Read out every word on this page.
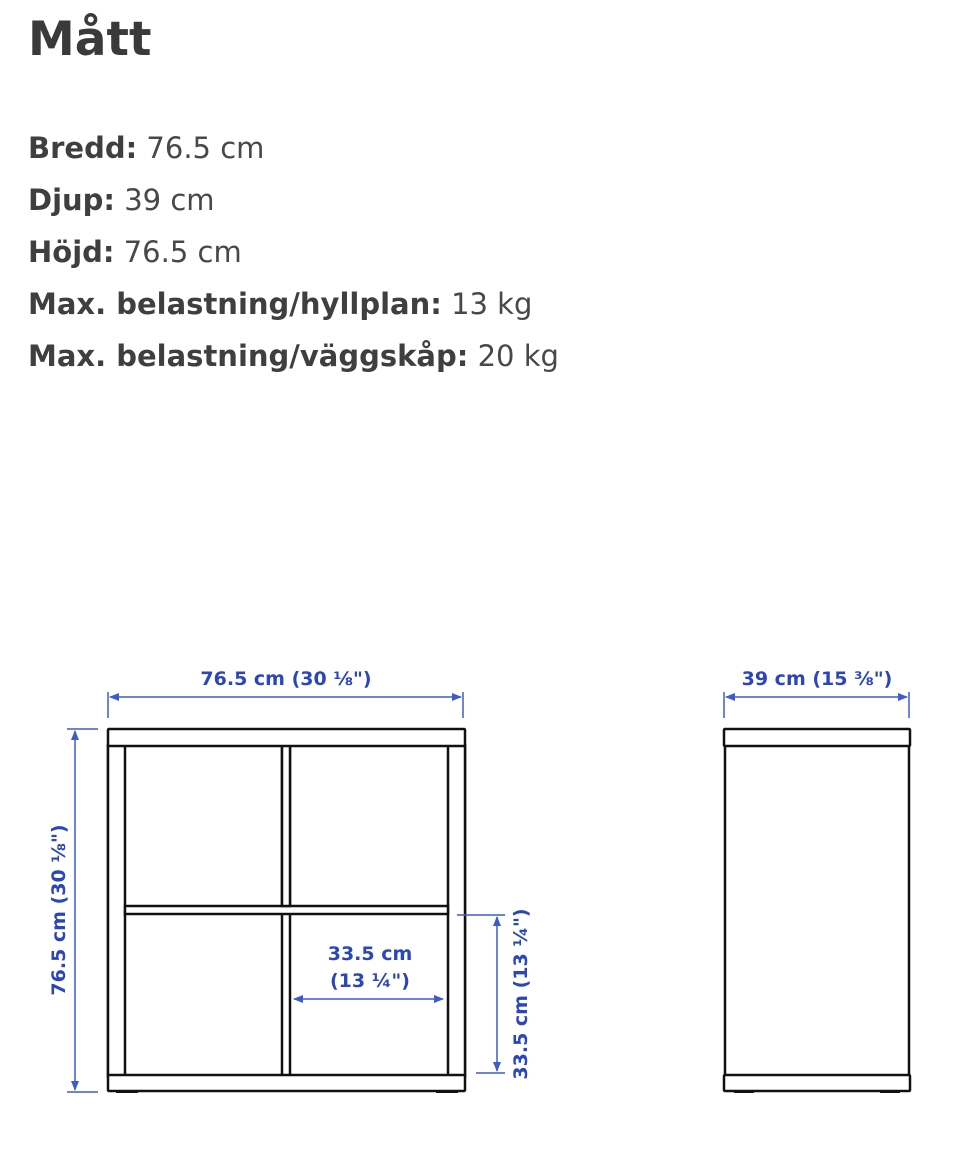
Mått
Bredd: 76.5 cm
Djup: 39 cm
Höjd: 76.5 cm
Max. belastning/hyllplan: 13 kg
Max. belastning/väggskåp: 20 kg
76.5 cm (30 ⅛")
76.5 cm (30 ⅛")	33.5 cm
(13 ¼")	33.5 cm (13 ¼")
39 cm (15 ⅜")
